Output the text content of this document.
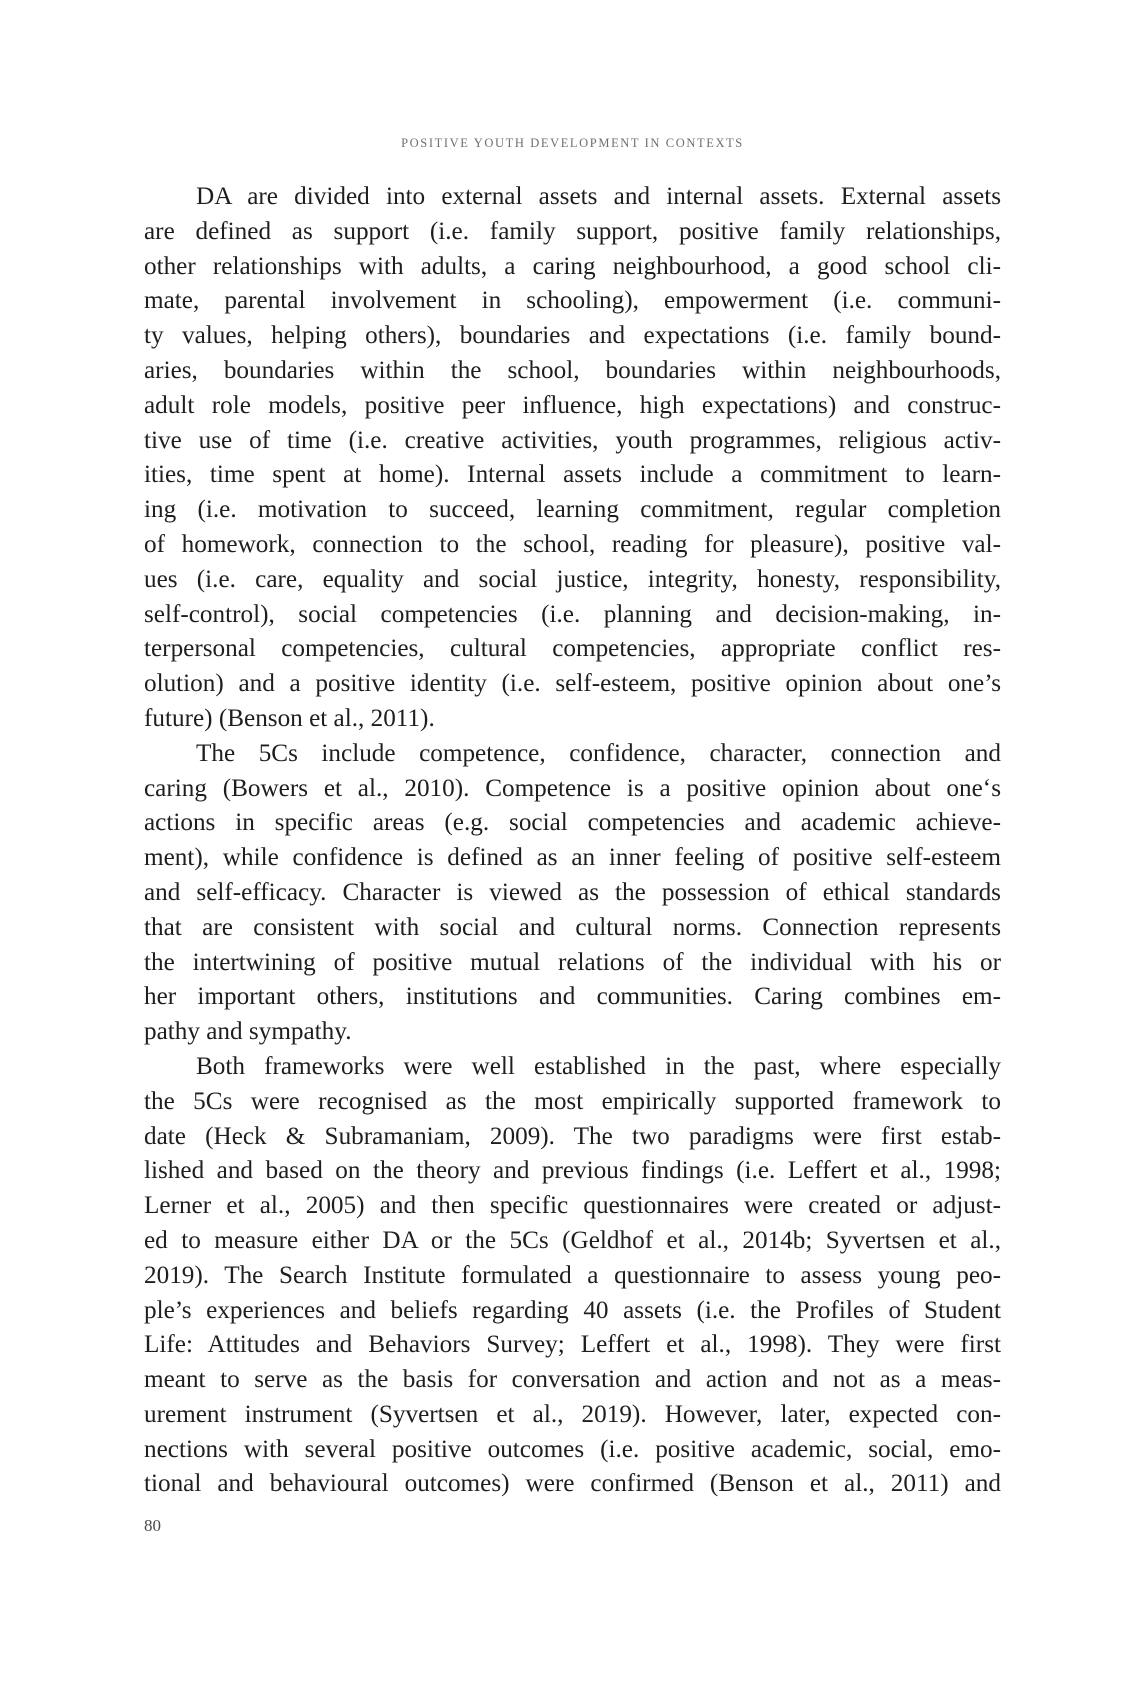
POSITIVE YOUTH DEVELOPMENT IN CONTEXTS
DA are divided into external assets and internal assets. External assets
are defined as support (i.e. family support, positive family relationships,
other relationships with adults, a caring neighbourhood, a good school cli-
mate, parental involvement in schooling), empowerment (i.e. communi-
ty values, helping others), boundaries and expectations (i.e. family bound-
aries, boundaries within the school, boundaries within neighbourhoods,
adult role models, positive peer influence, high expectations) and construc-
tive use of time (i.e. creative activities, youth programmes, religious activ-
ities, time spent at home). Internal assets include a commitment to learn-
ing (i.e. motivation to succeed, learning commitment, regular completion
of homework, connection to the school, reading for pleasure), positive val-
ues (i.e. care, equality and social justice, integrity, honesty, responsibility,
self-control), social competencies (i.e. planning and decision-making, in-
terpersonal competencies, cultural competencies, appropriate conflict res-
olution) and a positive identity (i.e. self-esteem, positive opinion about one’s
future) (Benson et al., 2011).
The 5Cs include competence, confidence, character, connection and
caring (Bowers et al., 2010). Competence is a positive opinion about one‘s
actions in specific areas (e.g. social competencies and academic achieve-
ment), while confidence is defined as an inner feeling of positive self-esteem
and self-efficacy. Character is viewed as the possession of ethical standards
that are consistent with social and cultural norms. Connection represents
the intertwining of positive mutual relations of the individual with his or
her important others, institutions and communities. Caring combines em-
pathy and sympathy.
Both frameworks were well established in the past, where especially
the 5Cs were recognised as the most empirically supported framework to
date (Heck & Subramaniam, 2009). The two paradigms were first estab-
lished and based on the theory and previous findings (i.e. Leffert et al., 1998;
Lerner et al., 2005) and then specific questionnaires were created or adjust-
ed to measure either DA or the 5Cs (Geldhof et al., 2014b; Syvertsen et al.,
2019). The Search Institute formulated a questionnaire to assess young peo-
ple’s experiences and beliefs regarding 40 assets (i.e. the Profiles of Student
Life: Attitudes and Behaviors Survey; Leffert et al., 1998). They were first
meant to serve as the basis for conversation and action and not as a meas-
urement instrument (Syvertsen et al., 2019). However, later, expected con-
nections with several positive outcomes (i.e. positive academic, social, emo-
tional and behavioural outcomes) were confirmed (Benson et al., 2011) and
80
